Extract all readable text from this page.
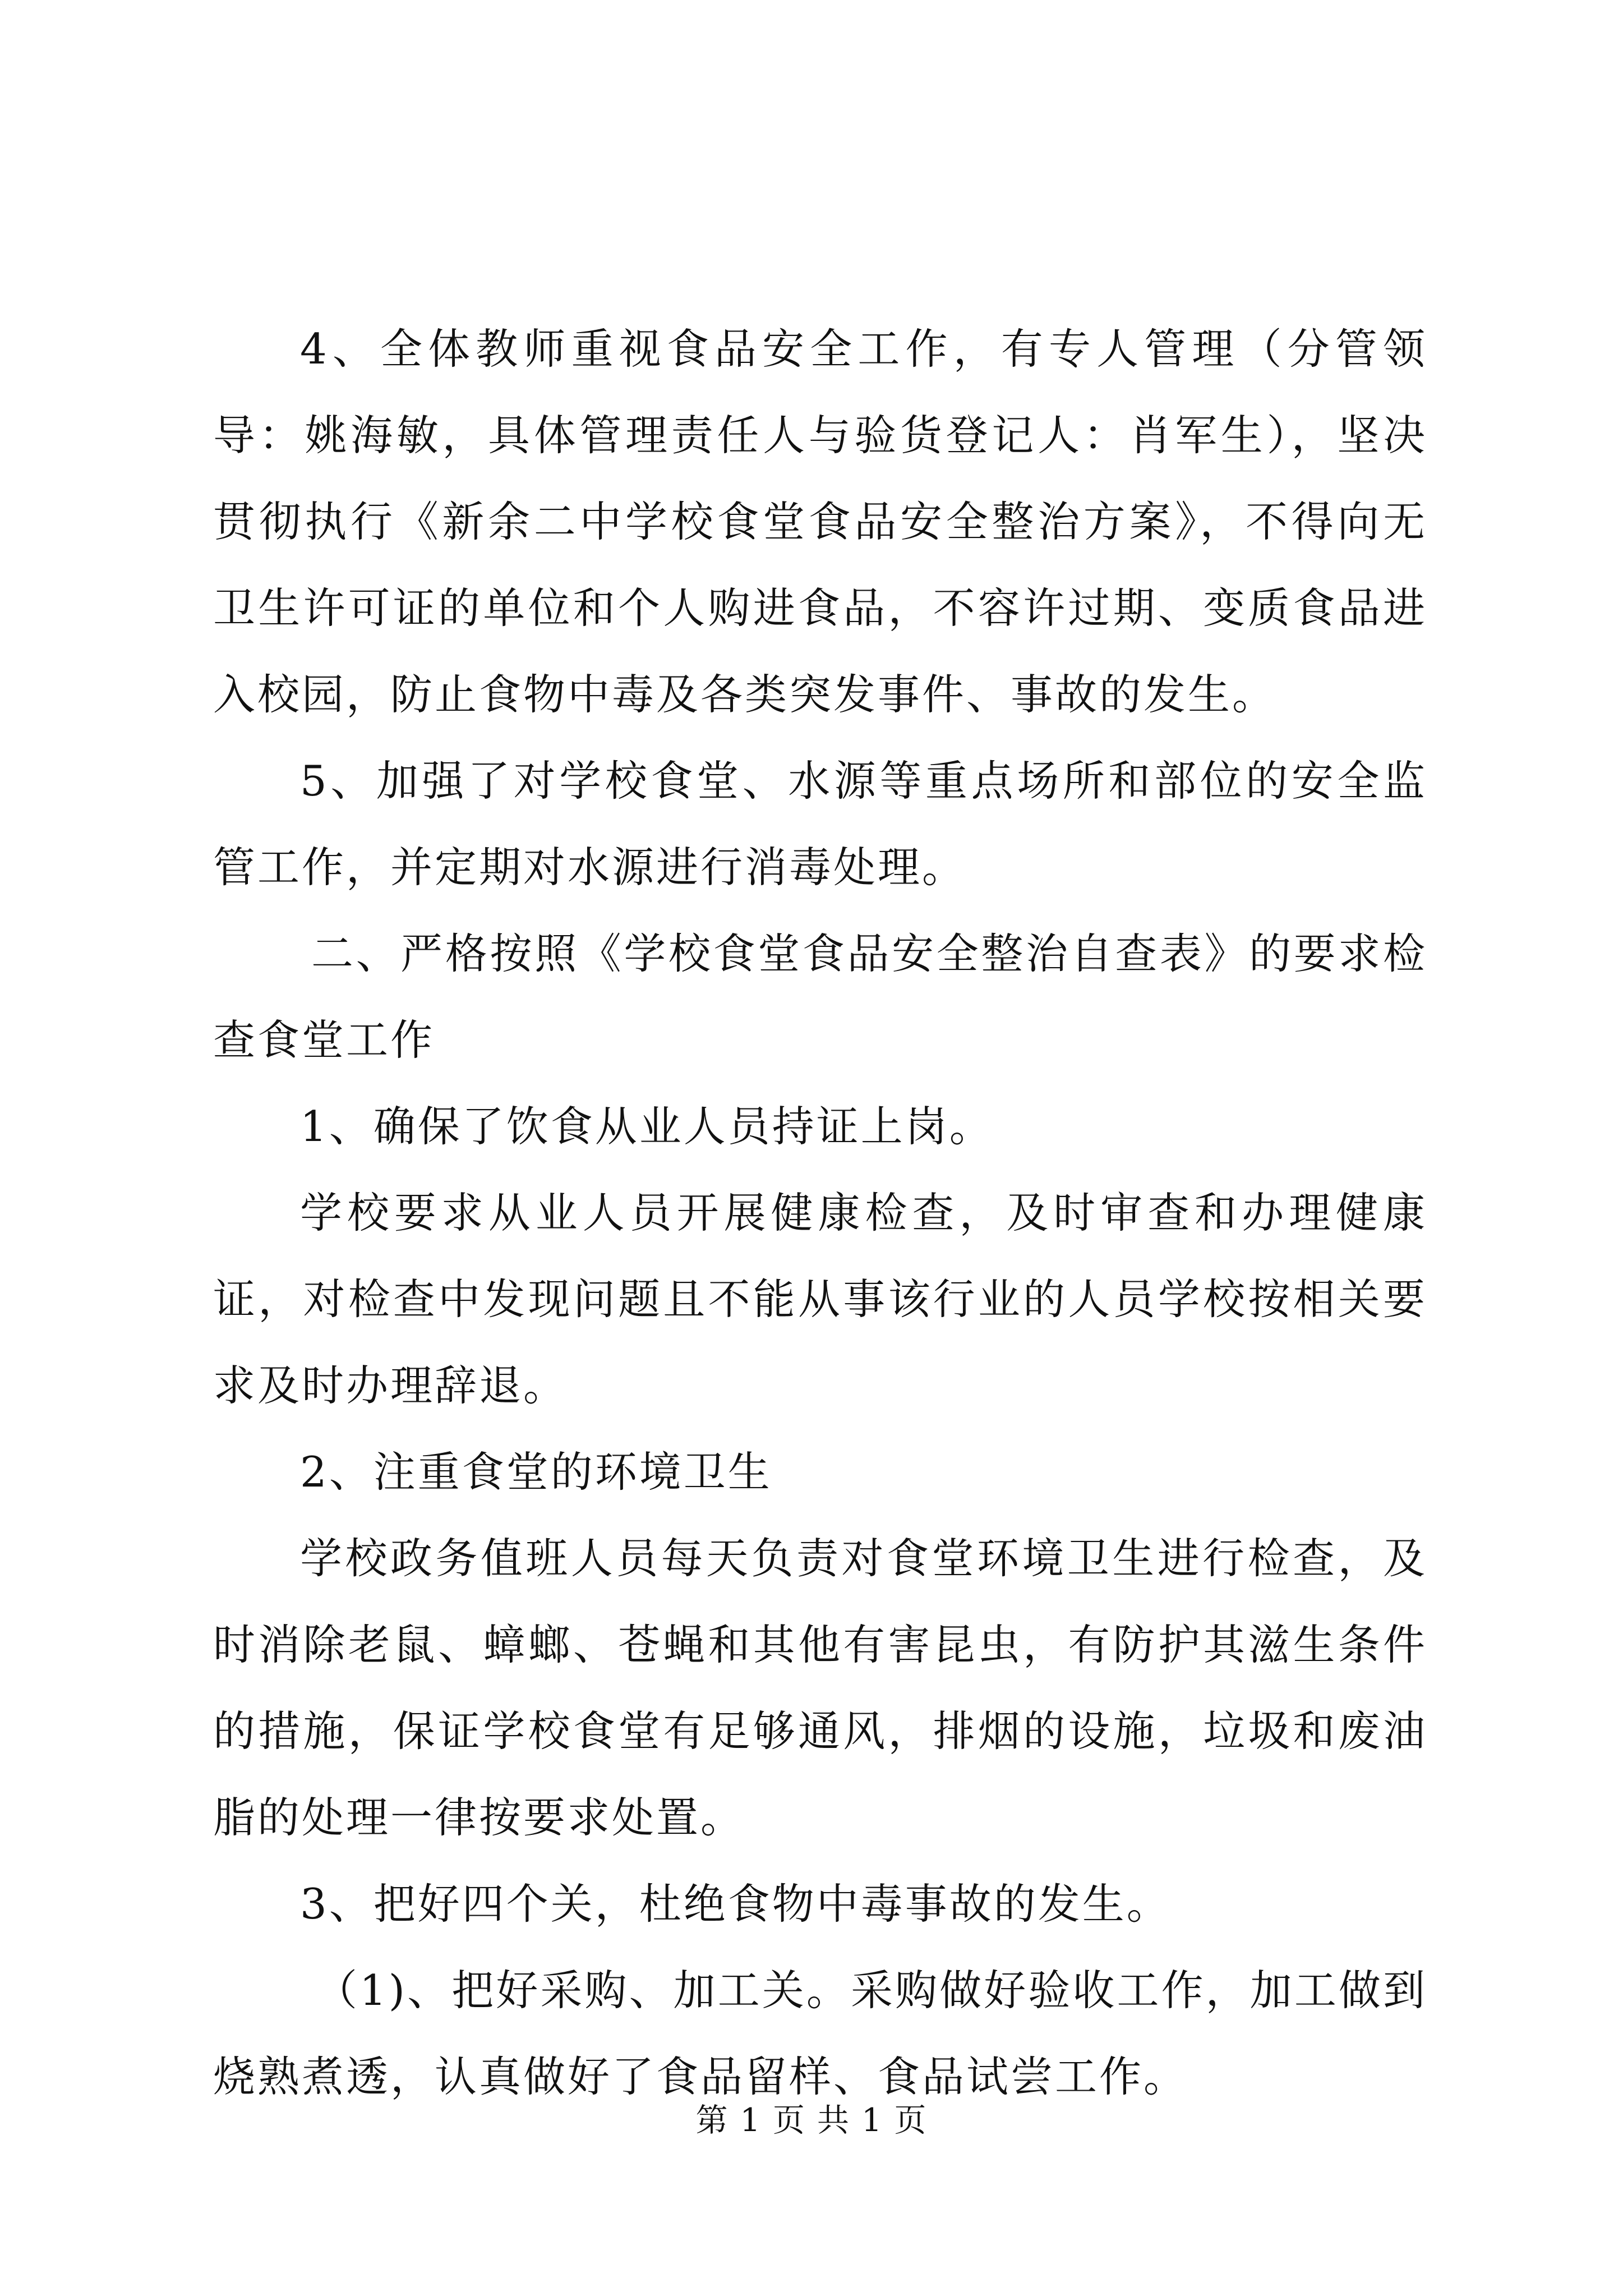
4、全体教师重视食品安全工作，有专人管理（分管领导：姚海敏，具体管理责任人与验货登记人：肖军生），坚决贯彻执行《新余二中学校食堂食品安全整治方案》，不得向无卫生许可证的单位和个人购进食品，不容许过期、变质食品进入校园，防止食物中毒及各类突发事件、事故的发生。

5、加强了对学校食堂、水源等重点场所和部位的安全监管工作，并定期对水源进行消毒处理。

二、严格按照《学校食堂食品安全整治自查表》的要求检查食堂工作

1、确保了饮食从业人员持证上岗。

学校要求从业人员开展健康检查，及时审查和办理健康证，对检查中发现问题且不能从事该行业的人员学校按相关要求及时办理辞退。

2、注重食堂的环境卫生

学校政务值班人员每天负责对食堂环境卫生进行检查，及时消除老鼠、蟑螂、苍蝇和其他有害昆虫，有防护其滋生条件的措施，保证学校食堂有足够通风，排烟的设施，垃圾和废油脂的处理一律按要求处置。

3、把好四个关，杜绝食物中毒事故的发生。

（1)、把好采购、加工关。采购做好验收工作，加工做到烧熟煮透，认真做好了食品留样、食品试尝工作。

第 1 页 共 1 页
